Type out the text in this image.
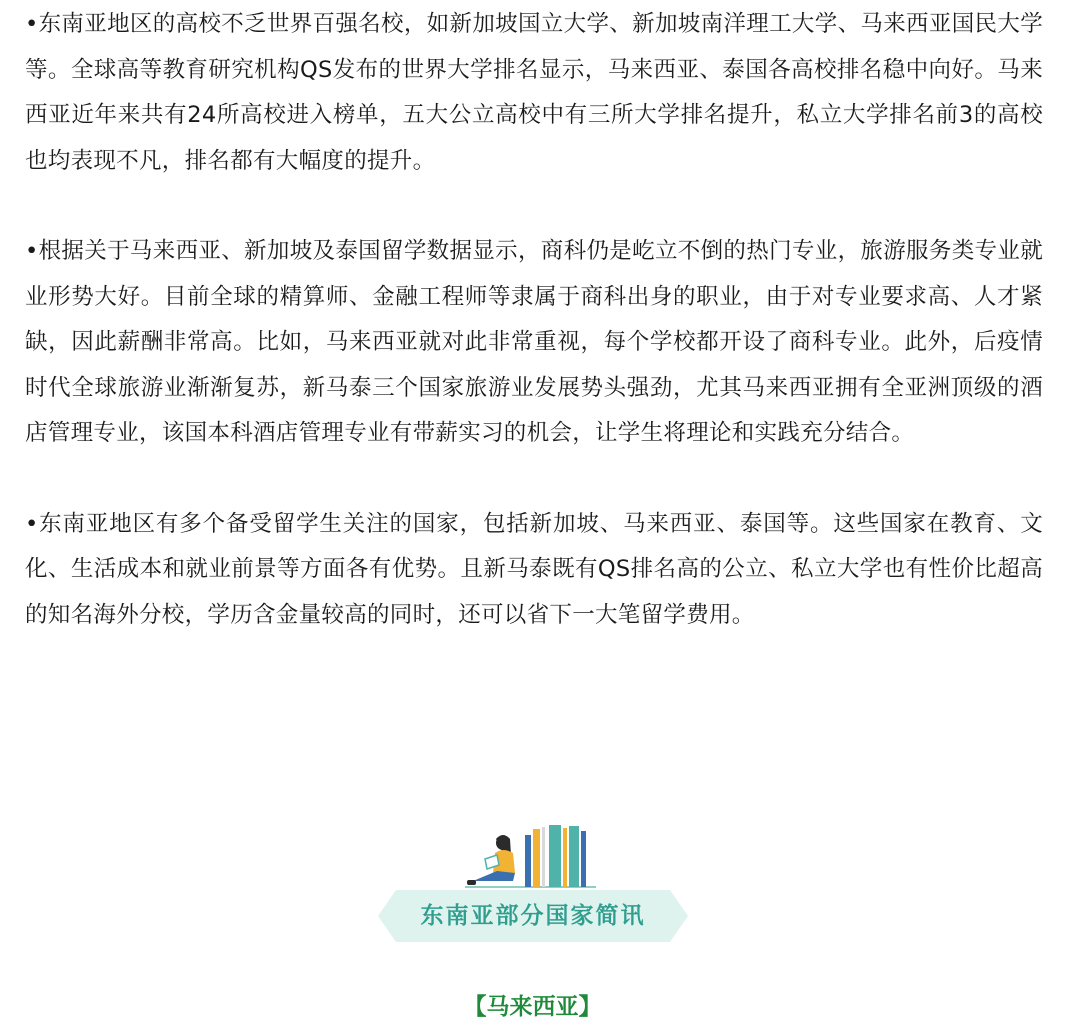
•东南亚地区的高校不乏世界百强名校，如新加坡国立大学、新加坡南洋理工大学、马来西亚国民大学等。全球高等教育研究机构QS发布的世界大学排名显示，马来西亚、泰国各高校排名稳中向好。马来西亚近年来共有24所高校进入榜单，五大公立高校中有三所大学排名提升，私立大学排名前3的高校也均表现不凡，排名都有大幅度的提升。

•根据关于马来西亚、新加坡及泰国留学数据显示，商科仍是屹立不倒的热门专业，旅游服务类专业就业形势大好。目前全球的精算师、金融工程师等隶属于商科出身的职业，由于对专业要求高、人才紧缺，因此薪酬非常高。比如，马来西亚就对此非常重视，每个学校都开设了商科专业。此外，后疫情时代全球旅游业渐渐复苏，新马泰三个国家旅游业发展势头强劲，尤其马来西亚拥有全亚洲顶级的酒店管理专业，该国本科酒店管理专业有带薪实习的机会，让学生将理论和实践充分结合。

•东南亚地区有多个备受留学生关注的国家，包括新加坡、马来西亚、泰国等。这些国家在教育、文化、生活成本和就业前景等方面各有优势。且新马泰既有QS排名高的公立、私立大学也有性价比超高的知名海外分校，学历含金量较高的同时，还可以省下一大笔留学费用。

东南亚部分国家简讯
【马来西亚】
